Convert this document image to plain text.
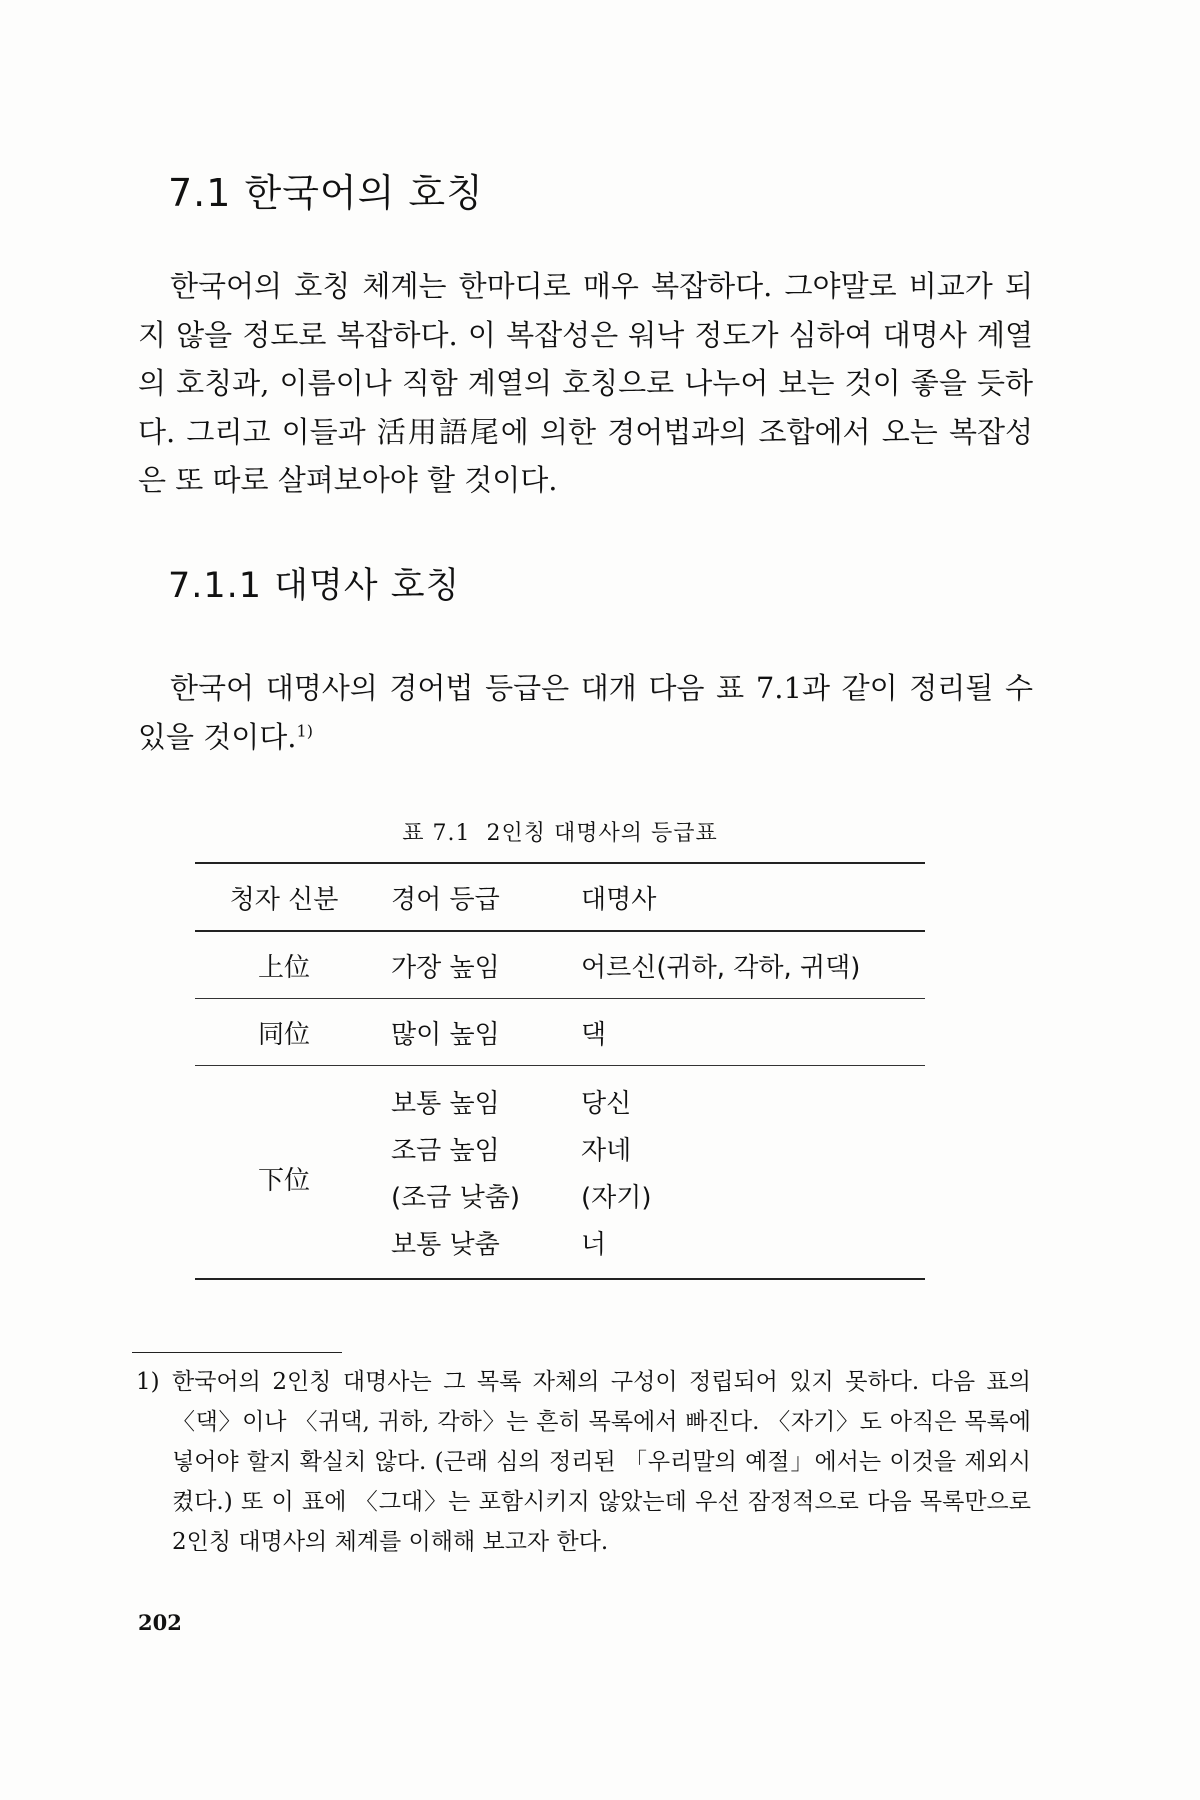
7.1 한국어의 호칭

한국어의 호칭 체계는 한마디로 매우 복잡하다. 그야말로 비교가 되지 않을 정도로 복잡하다. 이 복잡성은 워낙 정도가 심하여 대명사 계열의 호칭과, 이름이나 직함 계열의 호칭으로 나누어 보는 것이 좋을 듯하다. 그리고 이들과 活用語尾에 의한 경어법과의 조합에서 오는 복잡성은 또 따로 살펴보아야 할 것이다.

7.1.1 대명사 호칭

한국어 대명사의 경어법 등급은 대개 다음 표 7.1과 같이 정리될 수 있을 것이다.$^{1)}$

표 7.1 2인칭 대명사의 등급표
청자 신분	경어 등급	대명사
上位	가장 높임	어르신(귀하, 각하, 귀댁)
同位	많이 높임	댁
下位	보통 높임	당신
	조금 높임	자네
	(조금 낮춤)	(자기)
	보통 낮춤	너
1) 한국어의 2인칭 대명사는 그 목록 자체의 구성이 정립되어 있지 못하다. 다음 표의 〈댁〉이나 〈귀댁, 귀하, 각하〉는 흔히 목록에서 빠진다. 〈자기〉도 아직은 목록에 넣어야 할지 확실치 않다. (근래 심의 정리된 「우리말의 예절」에서는 이것을 제외시켰다.) 또 이 표에 〈그대〉는 포함시키지 않았는데 우선 잠정적으로 다음 목록만으로 2인칭 대명사의 체계를 이해해 보고자 한다.
202
